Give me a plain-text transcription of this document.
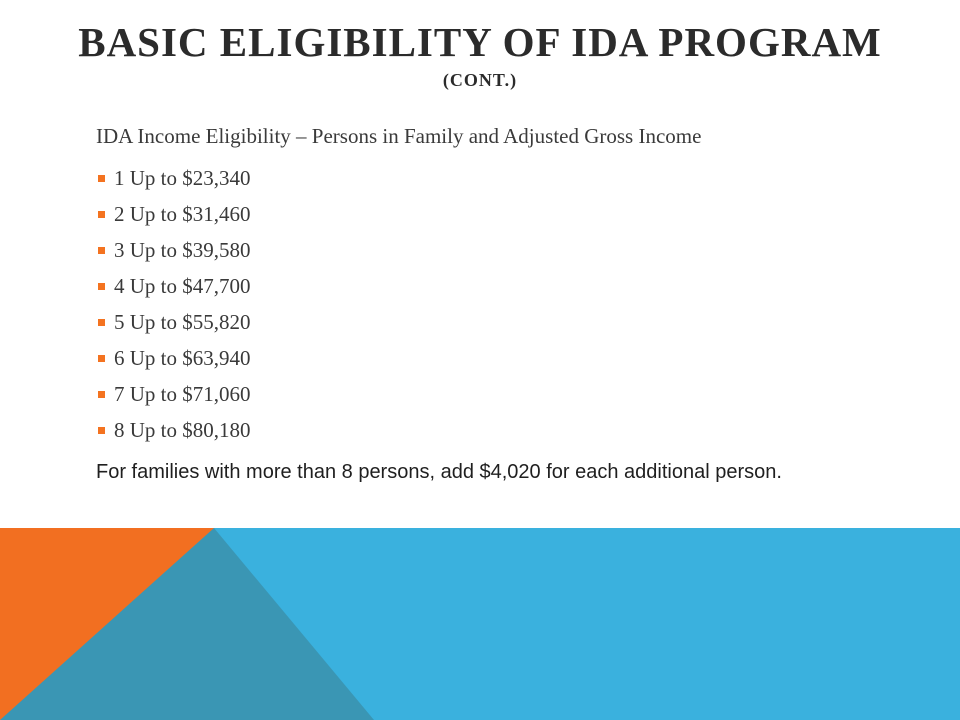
BASIC ELIGIBILITY OF IDA PROGRAM
(CONT.)
IDA Income Eligibility – Persons in Family and Adjusted Gross Income
1 Up to $23,340
2 Up to $31,460
3 Up to $39,580
4 Up to $47,700
5 Up to $55,820
6 Up to $63,940
7 Up to $71,060
8 Up to $80,180
For families with more than 8 persons, add $4,020 for each additional person.
